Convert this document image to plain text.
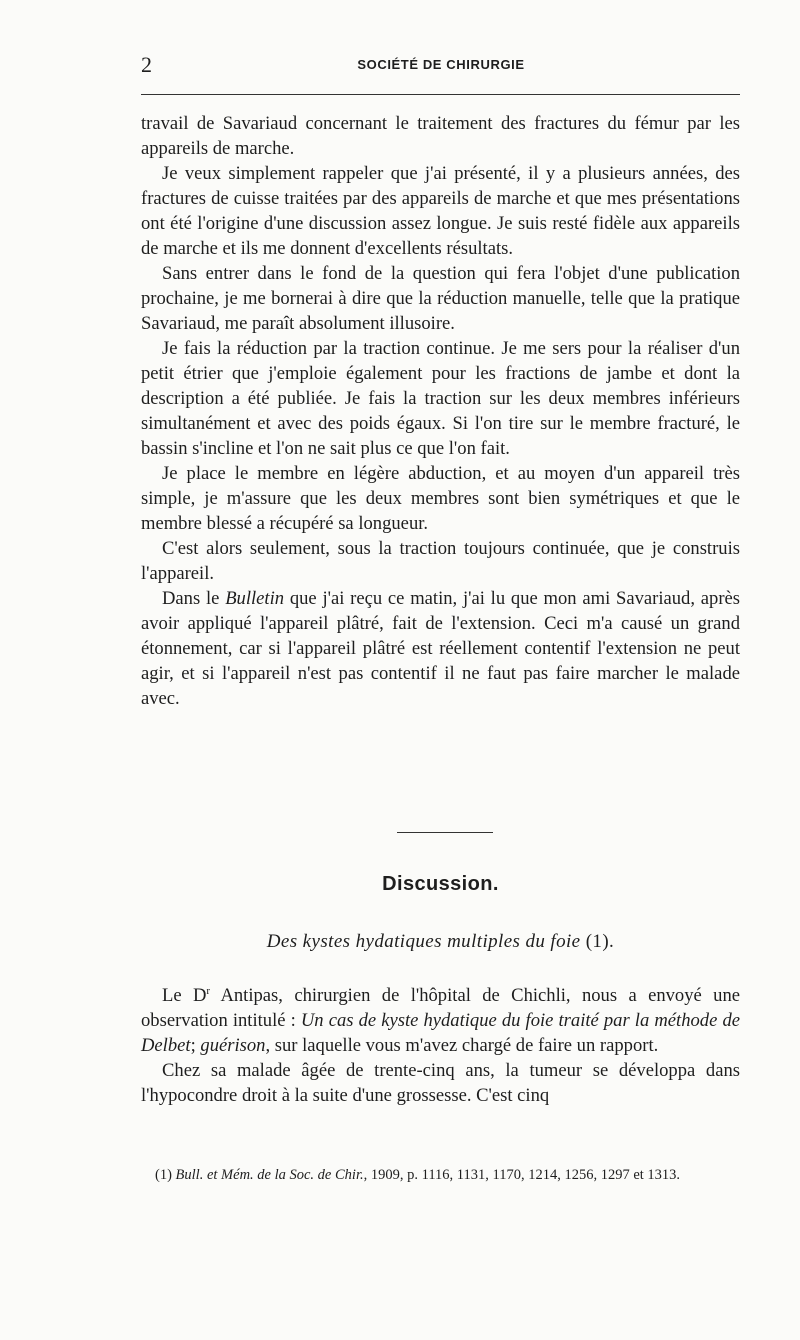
2	SOCIÉTÉ DE CHIRURGIE

travail de Savariaud concernant le traitement des fractures du fémur par les appareils de marche.

Je veux simplement rappeler que j'ai présenté, il y a plusieurs années, des fractures de cuisse traitées par des appareils de marche et que mes présentations ont été l'origine d'une discussion assez longue. Je suis resté fidèle aux appareils de marche et ils me donnent d'excellents résultats.

Sans entrer dans le fond de la question qui fera l'objet d'une publication prochaine, je me bornerai à dire que la réduction manuelle, telle que la pratique Savariaud, me paraît absolument illusoire.

Je fais la réduction par la traction continue. Je me sers pour la réaliser d'un petit étrier que j'emploie également pour les fractions de jambe et dont la description a été publiée. Je fais la traction sur les deux membres inférieurs simultanément et avec des poids égaux. Si l'on tire sur le membre fracturé, le bassin s'incline et l'on ne sait plus ce que l'on fait.

Je place le membre en légère abduction, et au moyen d'un appareil très simple, je m'assure que les deux membres sont bien symétriques et que le membre blessé a récupéré sa longueur.

C'est alors seulement, sous la traction toujours continuée, que je construis l'appareil.

Dans le Bulletin que j'ai reçu ce matin, j'ai lu que mon ami Savariaud, après avoir appliqué l'appareil plâtré, fait de l'extension. Ceci m'a causé un grand étonnement, car si l'appareil plâtré est réellement contentif l'extension ne peut agir, et si l'appareil n'est pas contentif il ne faut pas faire marcher le malade avec.

Discussion.
Des kystes hydatiques multiples du foie (1).

Le $D^r$ Antipas, chirurgien de l'hôpital de Chichli, nous a envoyé une observation intitulé : Un cas de kyste hydatique du foie traité par la méthode de Delbet; guérison, sur laquelle vous m'avez chargé de faire un rapport.

Chez sa malade âgée de trente-cinq ans, la tumeur se développa dans l'hypocondre droit à la suite d'une grossesse. C'est cinq

(1) Bull. et Mém. de la Soc. de Chir., 1909, p. 1116, 1131, 1170, 1214, 1256, 1297 et 1313.
